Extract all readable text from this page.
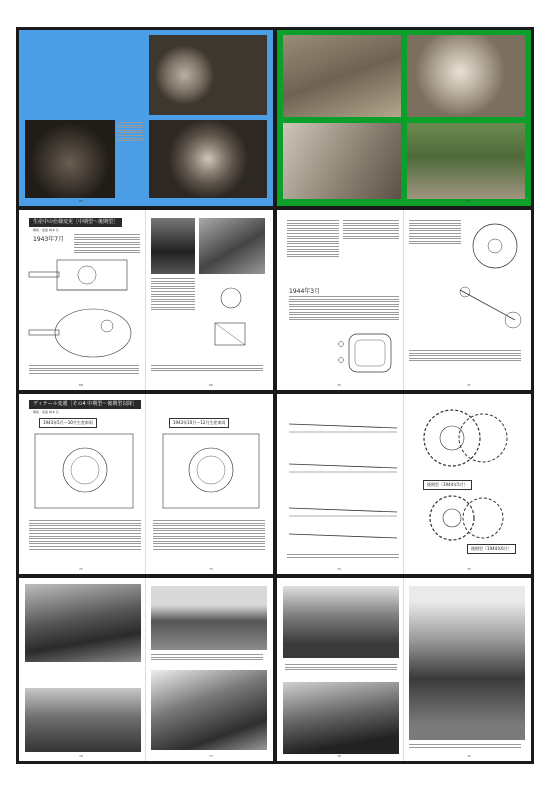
66	67
生産中の仕様変更［中期型〜後期型］
解説・図面 梅本 弘
1943年7月
68	69
1944年3月
70	71
ディテール変遷［その4 中期型〜後期型以降］
解説・図面 梅本 弘
1943年5月〜10月生産車両	1943年10月〜12月生産車両
72	73
後期型（1944年5月）
後期型（1944年6月）
74	75
76	77	78	79
